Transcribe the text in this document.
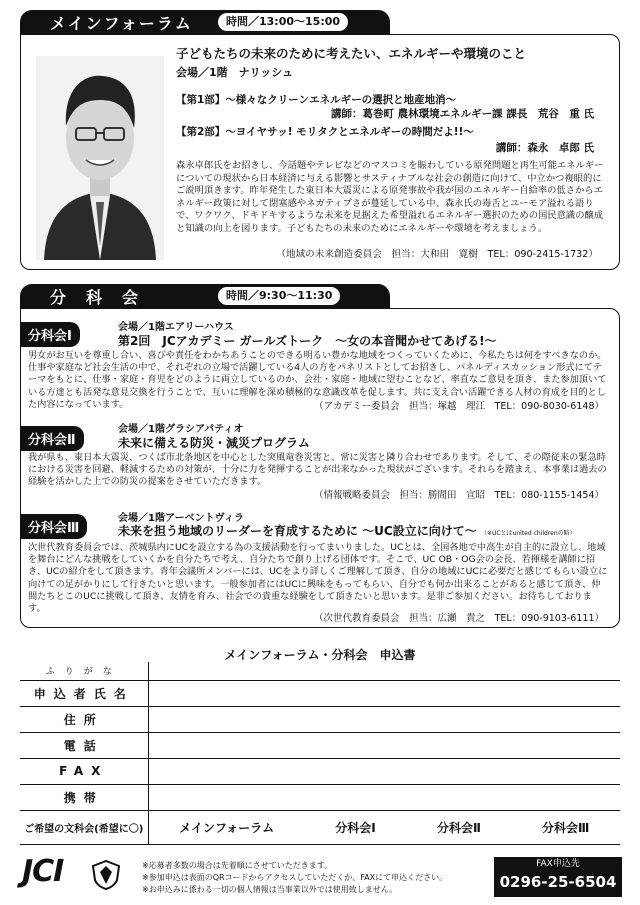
メインフォーラム	時間／13:00〜15:00
子どもたちの未来のために考えたい、エネルギーや環境のこと
会場／1階　ナリッシュ
【第1部】〜様々なクリーンエネルギーの選択と地産地消〜
講師：葛巻町 農林環境エネルギー課 課長　荒谷　重 氏
【第2部】〜ヨイヤサッ! モリタクとエネルギーの時間だよ!!〜
講師：森永　卓郎 氏
森永卓郎氏をお招きし、今話題やテレビなどのマスコミを賑わしている原発問題と再生可能エネルギーについての現状から日本経済に与える影響とサスティナブルな社会の創造に向けて、中立かつ複眼的にご説明頂きます。昨年発生した東日本大震災による原発事故や我が国のエネルギー自給率の低さからエネルギー政策に対して閉塞感やネガティブさが蔓延している中、森永氏の毒舌とユーモア溢れる語りで、ワクワク、ドキドキするような未来を見据えた希望溢れるエネルギー選択のための国民意識の醸成と知識の向上を図ります。子どもたちの未来のためにエネルギーや環境を考えましょう。
（地域の未来創造委員会　担当：大和田　寛樹　TEL：090-2415-1732）
分　科　会	時間／9:30〜11:30
分科会Ⅰ
会場／1階エアリーハウス
第2回　JCアカデミー ガールズトーク　〜女の本音聞かせてあげる!〜
男女がお互いを尊重し合い、喜びや責任をわかちあうことのできる明るい豊かな地域をつくっていくために、今私たちは何をすべきなのか。仕事や家庭など社会生活の中で、それぞれの立場で活躍している4人の方をパネリストとしてお招きし、パネルディスカッション形式にてテーマをもとに、仕事・家庭・育児をどのように両立しているのか、会社・家庭・地域に望むことなど、率直なご意見を頂き、また参加頂いている方達とも活発な意見交換を行うことで、互いに理解を深め積極的な意識改革を促します。共に支え合い活躍できる人材の育成を目的とした内容になっています。	（アカデミー委員会　担当：塚越　理江　TEL：090-8030-6148）
分科会Ⅱ
会場／1階グラシアパティオ
未来に備える防災・減災プログラム
我が県も、東日本大震災、つくば市北条地区を中心とした突風竜巻災害と、常に災害と隣り合わせであります。そして、その際従来の緊急時における災害を回避、軽減するための対策が、十分に力を発揮することが出来なかった現状がございます。それらを踏まえ、本事業は過去の経験を活かした上での防災の提案をさせていただきます。
（情報戦略委員会　担当：勝間田　宣昭　TEL：080-1155-1454）
分科会Ⅲ
会場／1階アーベントヴィラ
未来を担う地域のリーダーを育成するために 〜UC設立に向けて〜 （※UCとはunited childrenの略）
次世代教育委員会では、茨城県内にUCを設立する為の支援活動を行ってまいりました。UCとは、全国各地で中高生が自主的に設立し、地域を舞台にどんな挑戦をしていくかを自分たちで考え、自分たちで創り上げる団体です。そこで、UC OB・OG会の会長、若揮様を講師に招き、UCの紹介をして頂きます。青年会議所メンバーには、UCをより詳しくご理解して頂き、自分の地域にUCに必要だと感じてもらい設立に向けての足がかりにして行きたいと思います。一般参加者にはUCに興味をもってもらい、自分でも何か出来ることがあると感じて頂き、仲間たちとこのUCに挑戦して頂き、友情を育み、社会での貴重な経験をして頂きたいと思います。是非ご参加ください。お待ちしております。
（次世代教育委員会　担当：広瀬　貴之　TEL：090-9103-6111）
メインフォーラム・分科会　申込書
ふりがな	
申込者氏名	
住所	
電話	
FAX	
携帯	
ご希望の文科会(希望に〇)	メインフォーラム 分科会Ⅰ 分科会Ⅱ 分科会Ⅲ
JCI	※応募者多数の場合は先着順にさせていただきます。
※参加申込は表面のQRコードからアクセスしていただくか、FAXにて申込ください。
※お申込みに係わる一切の個人情報は当事業以外では使用致しません。
FAX申込先
0296-25-6504
